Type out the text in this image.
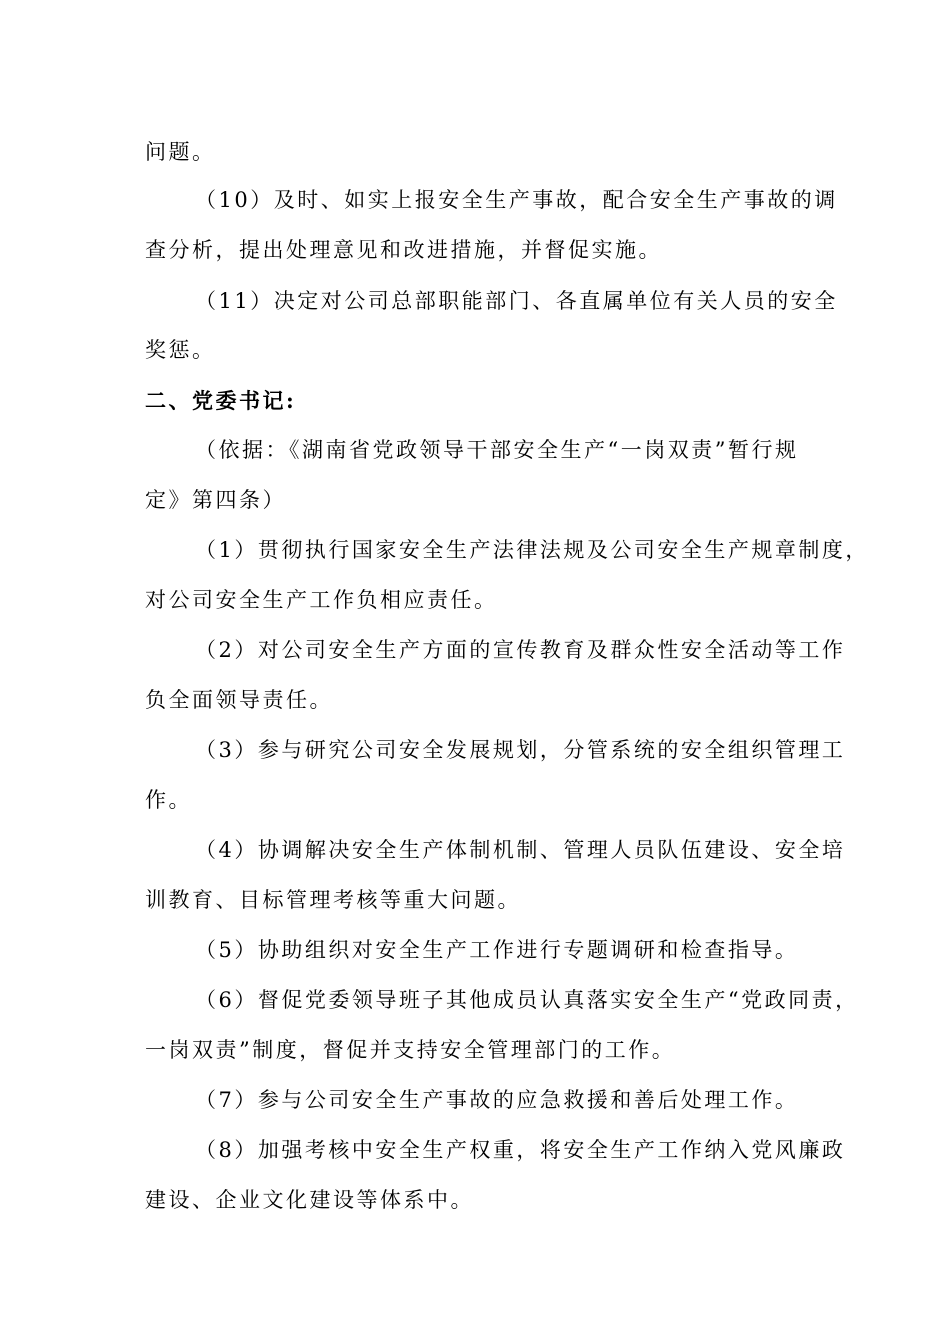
问题。
（10）及时、如实上报安全生产事故，配合安全生产事故的调
查分析，提出处理意见和改进措施，并督促实施。
（11）决定对公司总部职能部门、各直属单位有关人员的安全
奖惩。
二、党委书记:
（依据：《湖南省党政领导干部安全生产“一岗双责”暂行规
定》第四条）
（1）贯彻执行国家安全生产法律法规及公司安全生产规章制度，
对公司安全生产工作负相应责任。
（2）对公司安全生产方面的宣传教育及群众性安全活动等工作
负全面领导责任。
（3）参与研究公司安全发展规划，分管系统的安全组织管理工
作。
（4）协调解决安全生产体制机制、管理人员队伍建设、安全培
训教育、目标管理考核等重大问题。
（5）协助组织对安全生产工作进行专题调研和检查指导。
（6）督促党委领导班子其他成员认真落实安全生产“党政同责，
一岗双责”制度，督促并支持安全管理部门的工作。
（7）参与公司安全生产事故的应急救援和善后处理工作。
（8）加强考核中安全生产权重，将安全生产工作纳入党风廉政
建设、企业文化建设等体系中。
